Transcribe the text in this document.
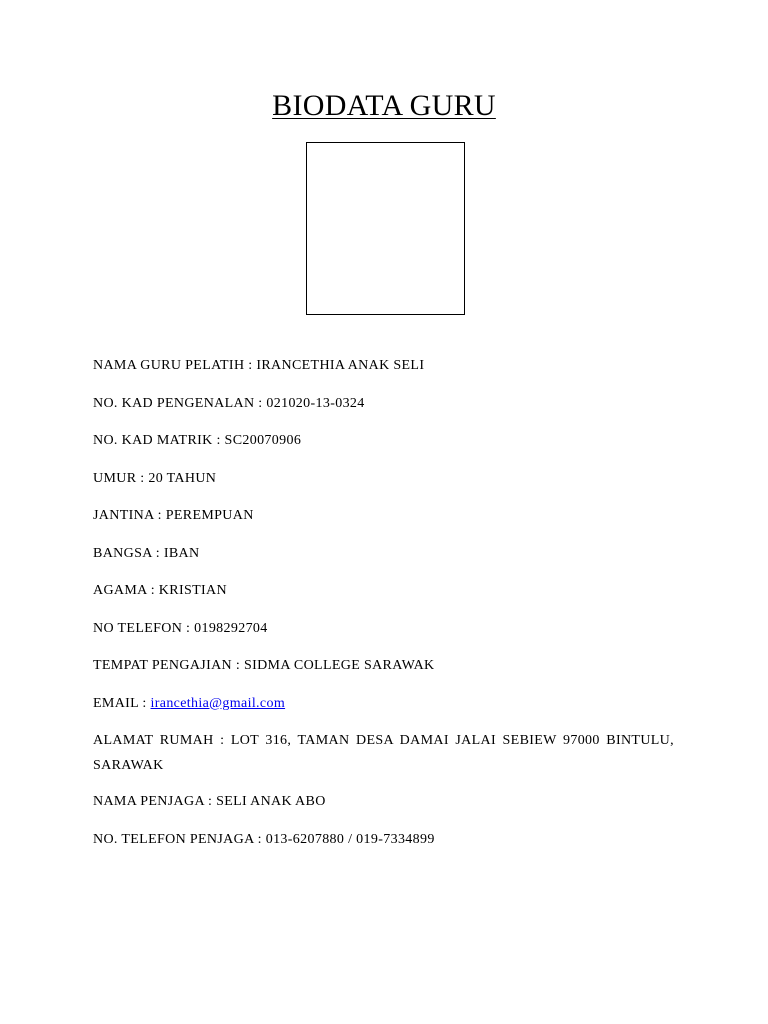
BIODATA GURU
NAMA GURU PELATIH : IRANCETHIA ANAK SELI
NO. KAD PENGENALAN : 021020-13-0324
NO. KAD MATRIK : SC20070906
UMUR : 20 TAHUN
JANTINA : PEREMPUAN
BANGSA : IBAN
AGAMA : KRISTIAN
NO TELEFON : 0198292704
TEMPAT PENGAJIAN : SIDMA COLLEGE SARAWAK
EMAIL : irancethia@gmail.com
ALAMAT RUMAH : LOT 316, TAMAN DESA DAMAI JALAI SEBIEW 97000 BINTULU, SARAWAK
NAMA PENJAGA : SELI ANAK ABO
NO. TELEFON PENJAGA : 013-6207880 / 019-7334899
